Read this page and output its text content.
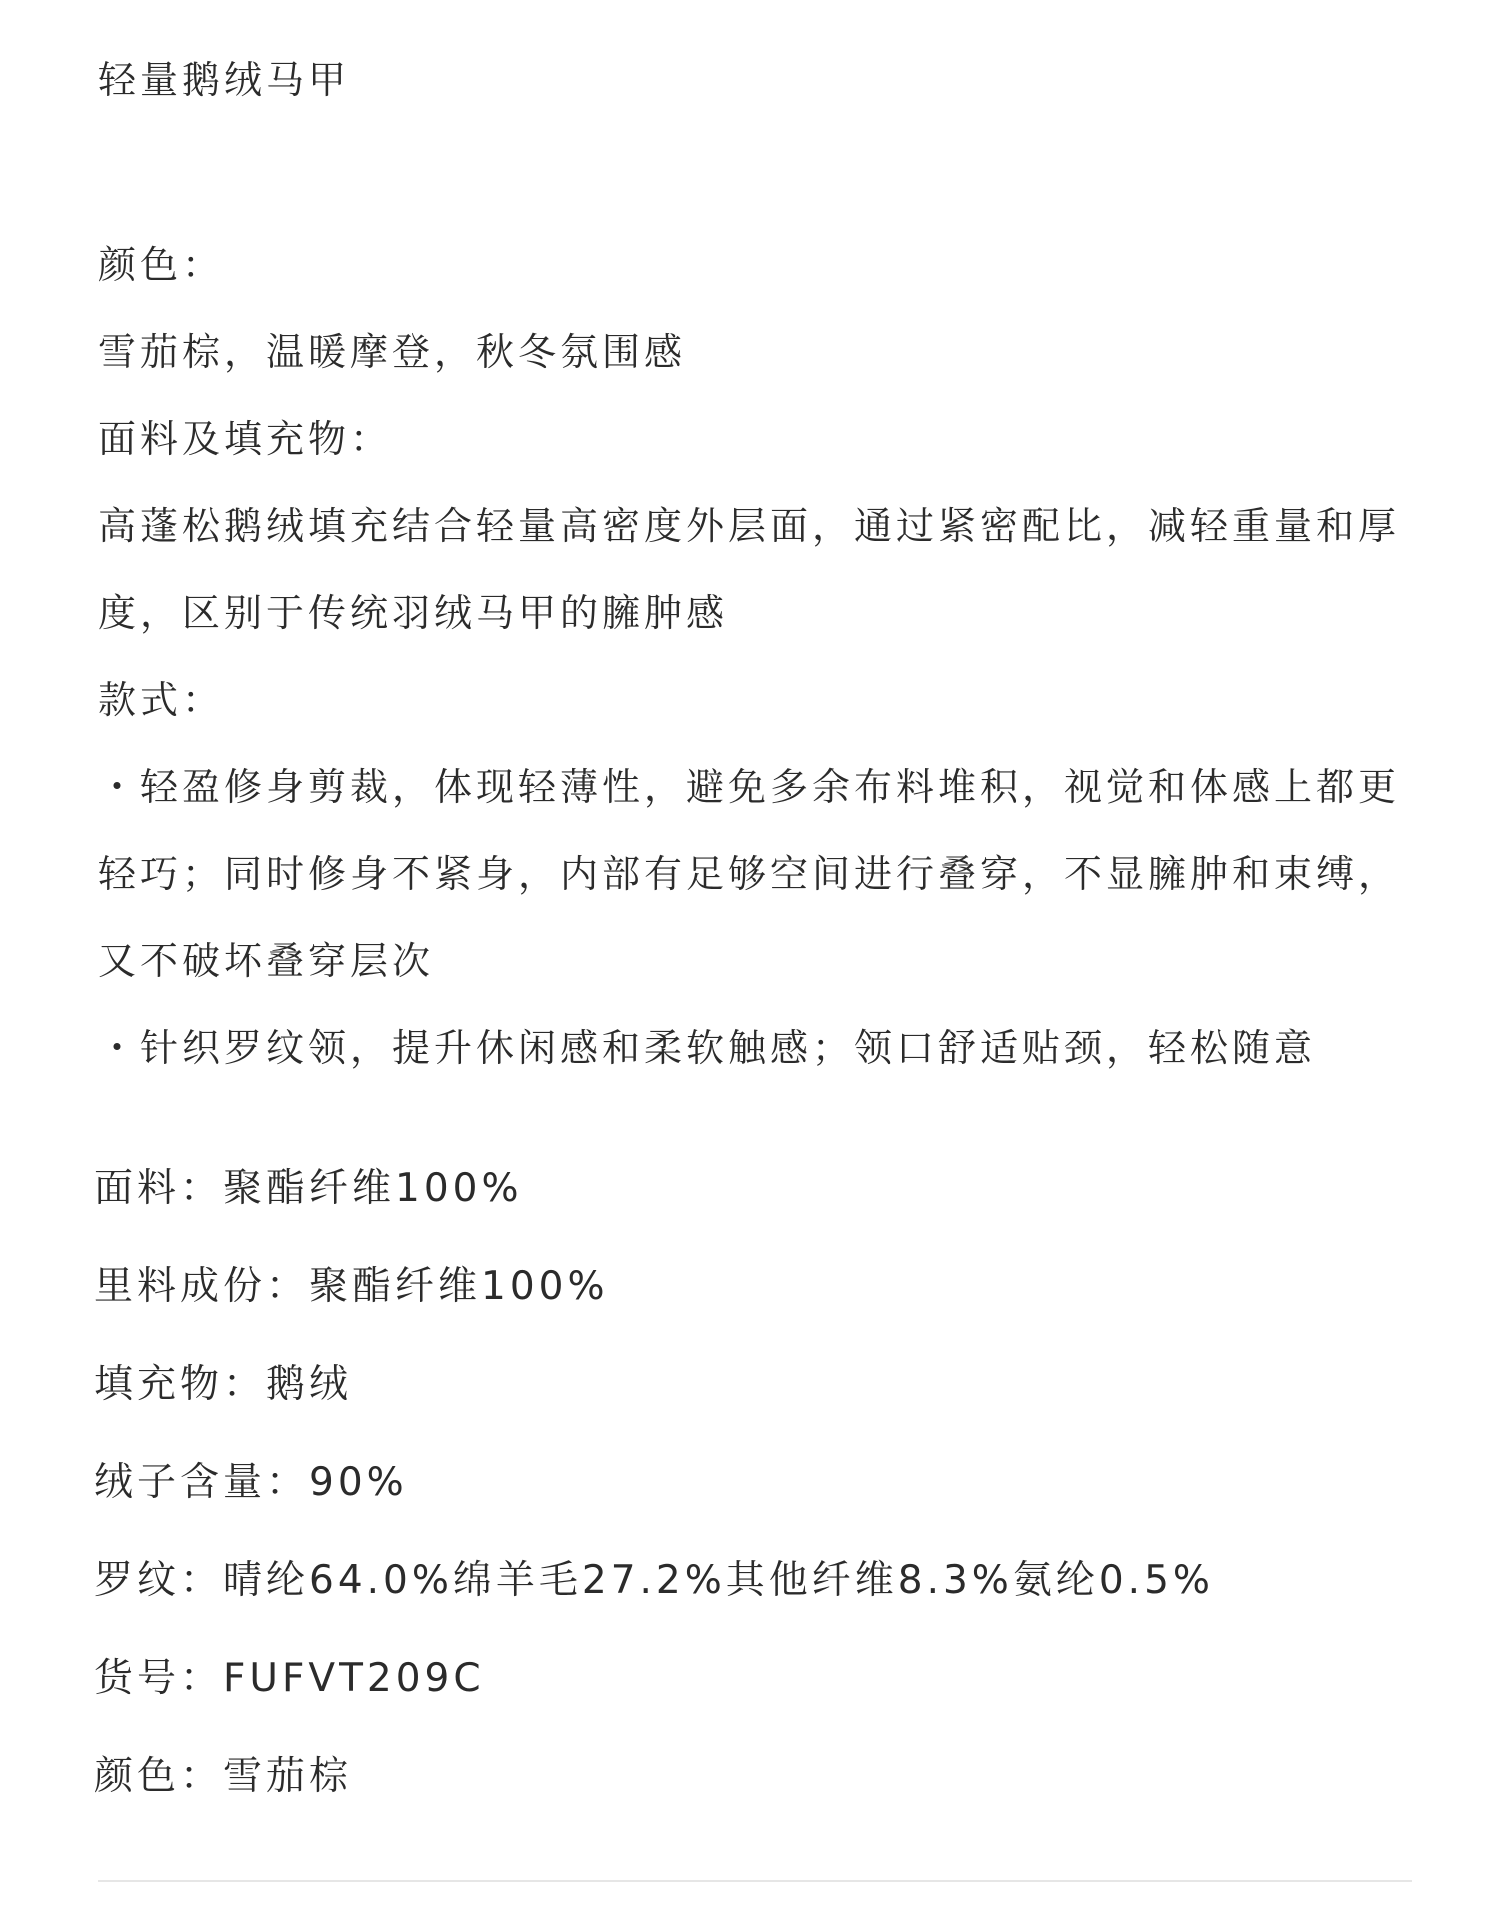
轻量鹅绒马甲

颜色：

雪茄棕，温暖摩登，秋冬氛围感

面料及填充物：

高蓬松鹅绒填充结合轻量高密度外层面，通过紧密配比，减轻重量和厚度，区别于传统羽绒马甲的臃肿感

款式：

・轻盈修身剪裁，体现轻薄性，避免多余布料堆积，视觉和体感上都更轻巧；同时修身不紧身，内部有足够空间进行叠穿，不显臃肿和束缚，又不破坏叠穿层次

・针织罗纹领，提升休闲感和柔软触感；领口舒适贴颈，轻松随意

面料：聚酯纤维100%

里料成份：聚酯纤维100%

填充物：鹅绒

绒子含量：90%

罗纹：晴纶64.0%绵羊毛27.2%其他纤维8.3%氨纶0.5%

货号：FUFVT209C

颜色：雪茄棕
